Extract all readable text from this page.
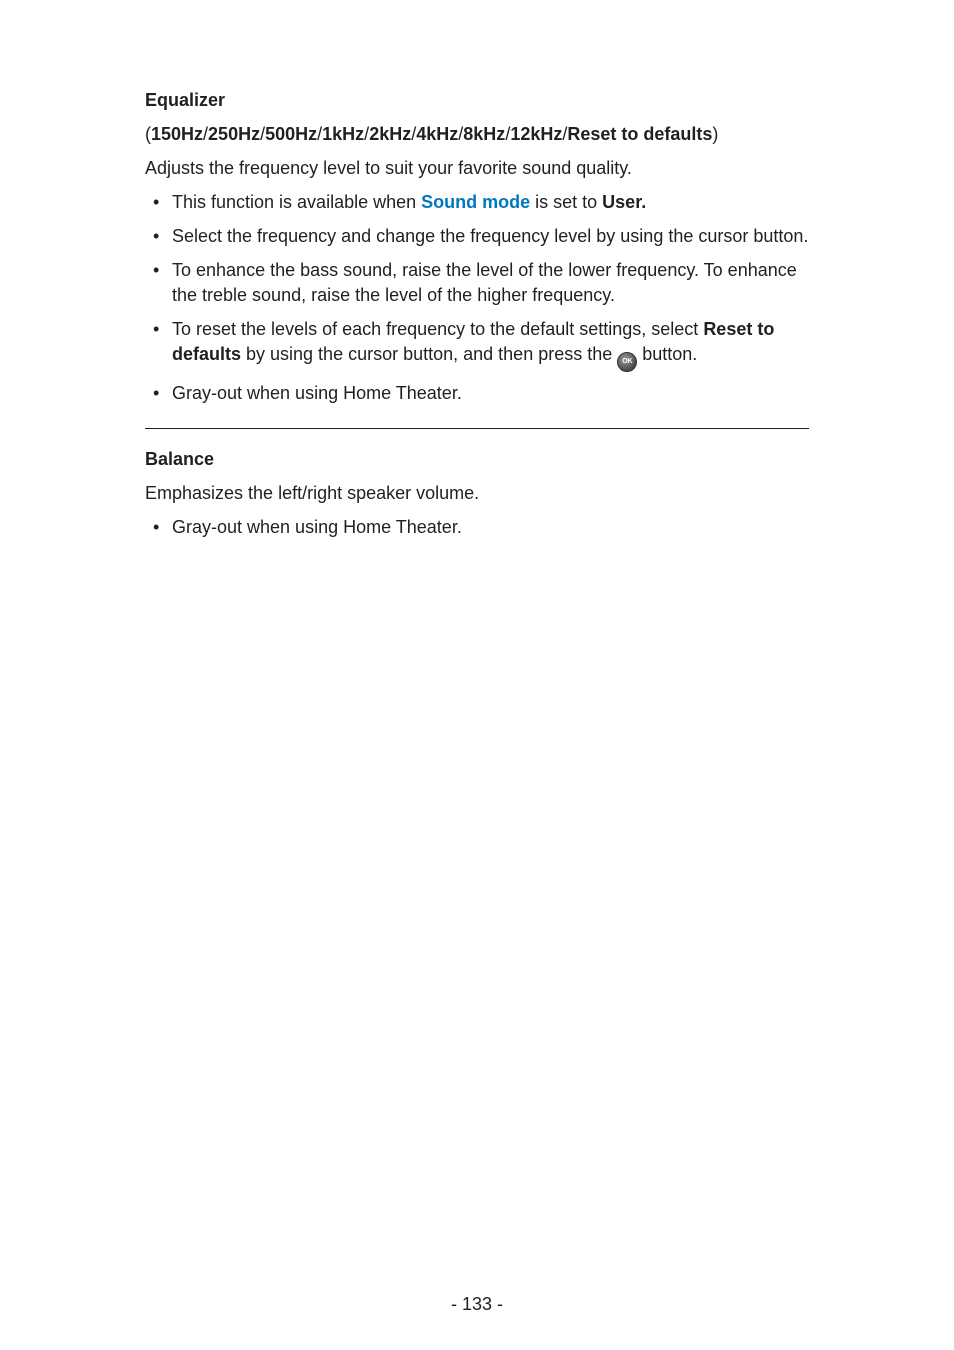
Equalizer
(150Hz/250Hz/500Hz/1kHz/2kHz/4kHz/8kHz/12kHz/Reset to defaults)

Adjusts the frequency level to suit your favorite sound quality.

• This function is available when Sound mode is set to User.
• Select the frequency and change the frequency level by using the cursor button.
• To enhance the bass sound, raise the level of the lower frequency. To enhance the treble sound, raise the level of the higher frequency.
• To reset the levels of each frequency to the default settings, select Reset to defaults by using the cursor button, and then press the OK button.
• Gray-out when using Home Theater.
Balance

Emphasizes the left/right speaker volume.

• Gray-out when using Home Theater.
- 133 -
